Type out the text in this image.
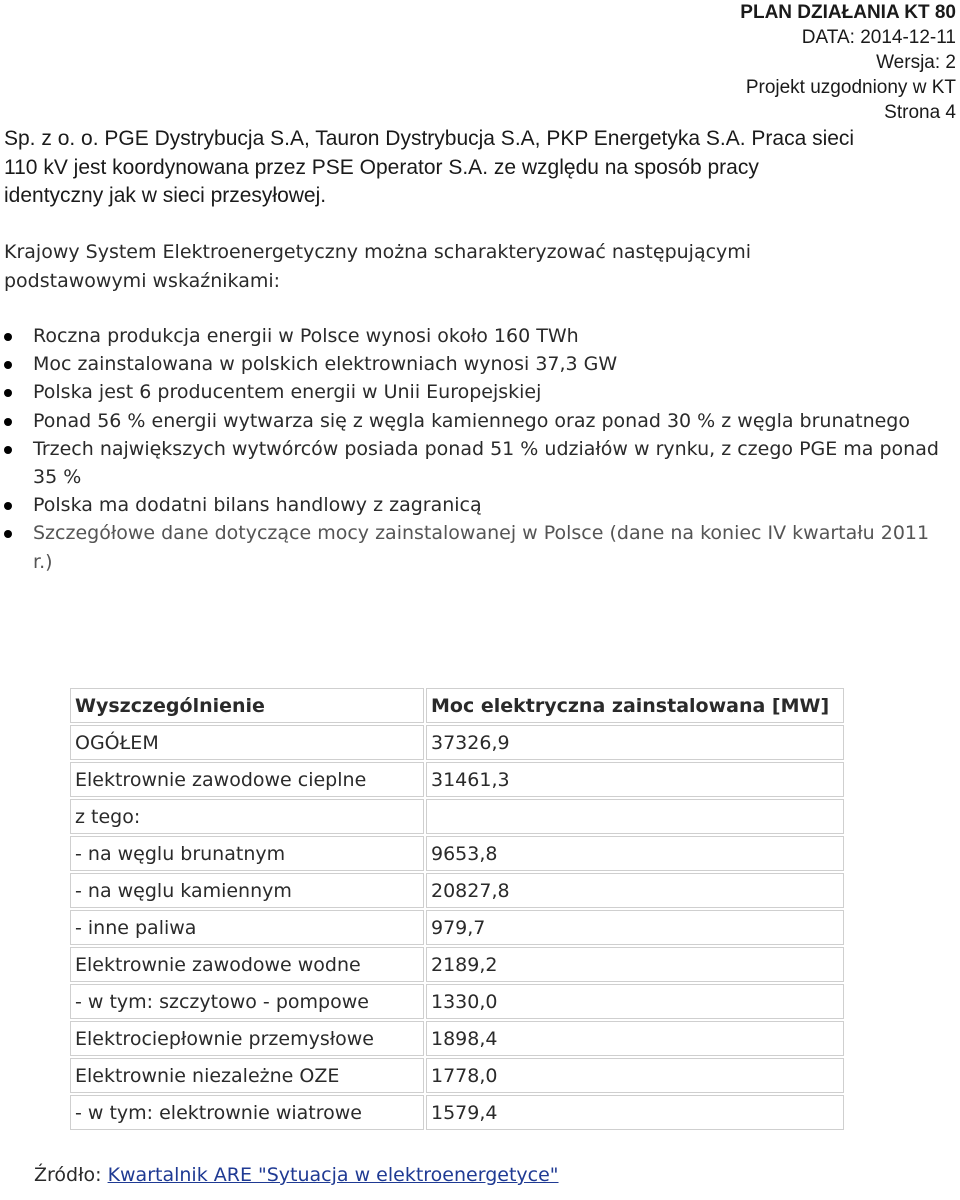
PLAN DZIAŁANIA KT 80
DATA: 2014-12-11
Wersja: 2
Projekt uzgodniony w KT
Strona 4
Sp. z o. o. PGE Dystrybucja S.A, Tauron Dystrybucja S.A, PKP Energetyka S.A. Praca sieci
110 kV jest koordynowana przez PSE Operator S.A. ze względu na sposób pracy
identyczny jak w sieci przesyłowej.
Krajowy System Elektroenergetyczny można scharakteryzować następującymi
podstawowymi wskaźnikami:
Roczna produkcja energii w Polsce wynosi około 160 TWh
Moc zainstalowana w polskich elektrowniach wynosi 37,3 GW
Polska jest 6 producentem energii w Unii Europejskiej
Ponad 56 % energii wytwarza się z węgla kamiennego oraz ponad 30 % z węgla brunatnego
Trzech największych wytwórców posiada ponad 51 % udziałów w rynku, z czego PGE ma ponad 35 %
Polska ma dodatni bilans handlowy z zagranicą
Szczegółowe dane dotyczące mocy zainstalowanej w Polsce (dane na koniec IV kwartału 2011 r.)
Wyszczególnienie	Moc elektryczna zainstalowana [MW]
OGÓŁEM	37326,9
Elektrownie zawodowe cieplne	31461,3
z tego:	
- na węglu brunatnym	9653,8
- na węglu kamiennym	20827,8
- inne paliwa	979,7
Elektrownie zawodowe wodne	2189,2
- w tym: szczytowo - pompowe	1330,0
Elektrociepłownie przemysłowe	1898,4
Elektrownie niezależne OZE	1778,0
- w tym: elektrownie wiatrowe	1579,4
Źródło: Kwartalnik ARE "Sytuacja w elektroenergetyce"
